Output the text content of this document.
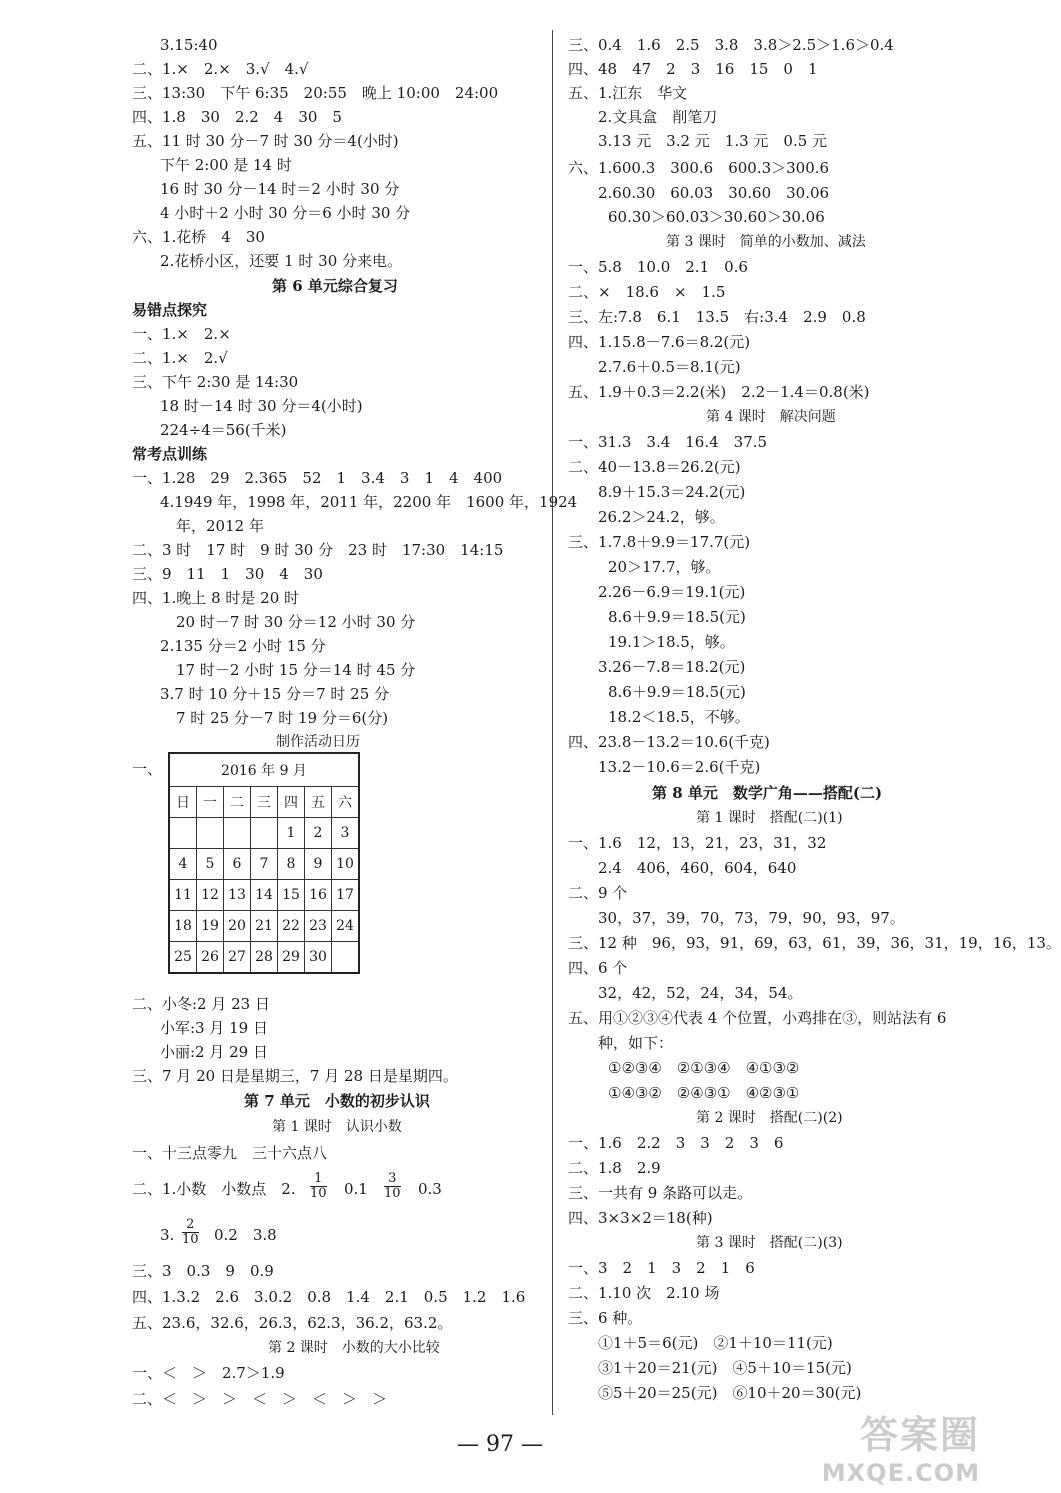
3.15:40
二、1.×　2.×　3.√　4.√
三、13:30　下午 6:35　20:55　晚上 10:00　24:00
四、1.8　30　2.2　4　30　5
五、11 时 30 分－7 时 30 分＝4(小时)
下午 2:00 是 14 时
16 时 30 分－14 时＝2 小时 30 分
4 小时＋2 小时 30 分＝6 小时 30 分
六、1.花桥　4　30
2.花桥小区，还要 1 时 30 分来电。
第 6 单元综合复习
易错点探究
一、1.×　2.×
二、1.×　2.√
三、下午 2:30 是 14:30
18 时－14 时 30 分＝4(小时)
224÷4＝56(千米)
常考点训练
一、1.28　29　2.365　52　1　3.4　3　1　4　400
4.1949 年，1998 年，2011 年，2200 年　1600 年，1924
年，2012 年
二、3 时　17 时　9 时 30 分　23 时　17:30　14:15
三、9　11　1　30　4　30
四、1.晚上 8 时是 20 时
20 时－7 时 30 分＝12 小时 30 分
2.135 分＝2 小时 15 分
17 时－2 小时 15 分＝14 时 45 分
3.7 时 10 分＋15 分＝7 时 25 分
7 时 25 分－7 时 19 分＝6(分)
制作活动日历
一、	2016 年 9 月						
日	一	二	三	四	五	六
				1	2	3
4	5	6	7	8	9	10
11	12	13	14	15	16	17
18	19	20	21	22	23	24
25	26	27	28	29	30	
二、小冬:2 月 23 日
小军:3 月 19 日
小丽:2 月 29 日
三、7 月 20 日是星期三，7 月 28 日是星期四。
第 7 单元　小数的初步认识
第 1 课时　认识小数
一、十三点零九　三十六点八
二、1.小数　小数点　2. $\frac{1}{10} 0.1 \frac{3}{10} 0.3$
3. $\frac{2}{10} 0.2$　3.8
三、3　0.3　9　0.9
四、1.3.2　2.6　3.0.2　0.8　1.4　2.1　0.5　1.2　1.6
五、23.6，32.6，26.3，62.3，36.2，63.2。
第 2 课时　小数的大小比较
一、＜　＞　2.7＞1.9
二、＜　＞　＞　＜　＞　＜　＞　＞
三、0.4　1.6　2.5　3.8　3.8＞2.5＞1.6＞0.4
四、48　47　2　3　16　15　0　1
五、1.江东　华文
2.文具盒　削笔刀
3.13 元　3.2 元　1.3 元　0.5 元
六、1.600.3　300.6　600.3＞300.6
2.60.30　60.03　30.60　30.06
60.30＞60.03＞30.60＞30.06
第 3 课时　简单的小数加、减法
一、5.8　10.0　2.1　0.6
二、×　18.6　×　1.5
三、左:7.8　6.1　13.5　右:3.4　2.9　0.8
四、1.15.8－7.6＝8.2(元)
2.7.6＋0.5＝8.1(元)
五、1.9＋0.3＝2.2(米)　2.2－1.4＝0.8(米)
第 4 课时　解决问题
一、31.3　3.4　16.4　37.5
二、40－13.8＝26.2(元)
8.9＋15.3＝24.2(元)
26.2＞24.2，够。
三、1.7.8＋9.9＝17.7(元)
20＞17.7，够。
2.26－6.9＝19.1(元)
8.6＋9.9＝18.5(元)
19.1＞18.5，够。
3.26－7.8＝18.2(元)
8.6＋9.9＝18.5(元)
18.2＜18.5，不够。
四、23.8－13.2＝10.6(千克)
13.2－10.6＝2.6(千克)
第 8 单元　数学广角——搭配(二)
第 1 课时　搭配(二)(1)
一、1.6　12，13，21，23，31，32
2.4　406，460，604，640
二、9 个
30，37，39，70，73，79，90，93，97。
三、12 种　96，93，91，69，63，61，39，36，31，19，16，13。
四、6 个
32，42，52，24，34，54。
五、用①②③④代表 4 个位置，小鸡排在③，则站法有 6
种，如下：
①②③④　②①③④　④①③②
①④③②　②④③①　④②③①
第 2 课时　搭配(二)(2)
一、1.6　2.2　3　3　2　3　6
二、1.8　2.9
三、一共有 9 条路可以走。
四、3×3×2＝18(种)
第 3 课时　搭配(二)(3)
一、3　2　1　3　2　1　6
二、1.10 次　2.10 场
三、6 种。
①1＋5＝6(元)　②1＋10＝11(元)
③1＋20＝21(元)　④5＋10＝15(元)
⑤5＋20＝25(元)　⑥10＋20＝30(元)
— 97 —	答案圈
MXQE.COM
